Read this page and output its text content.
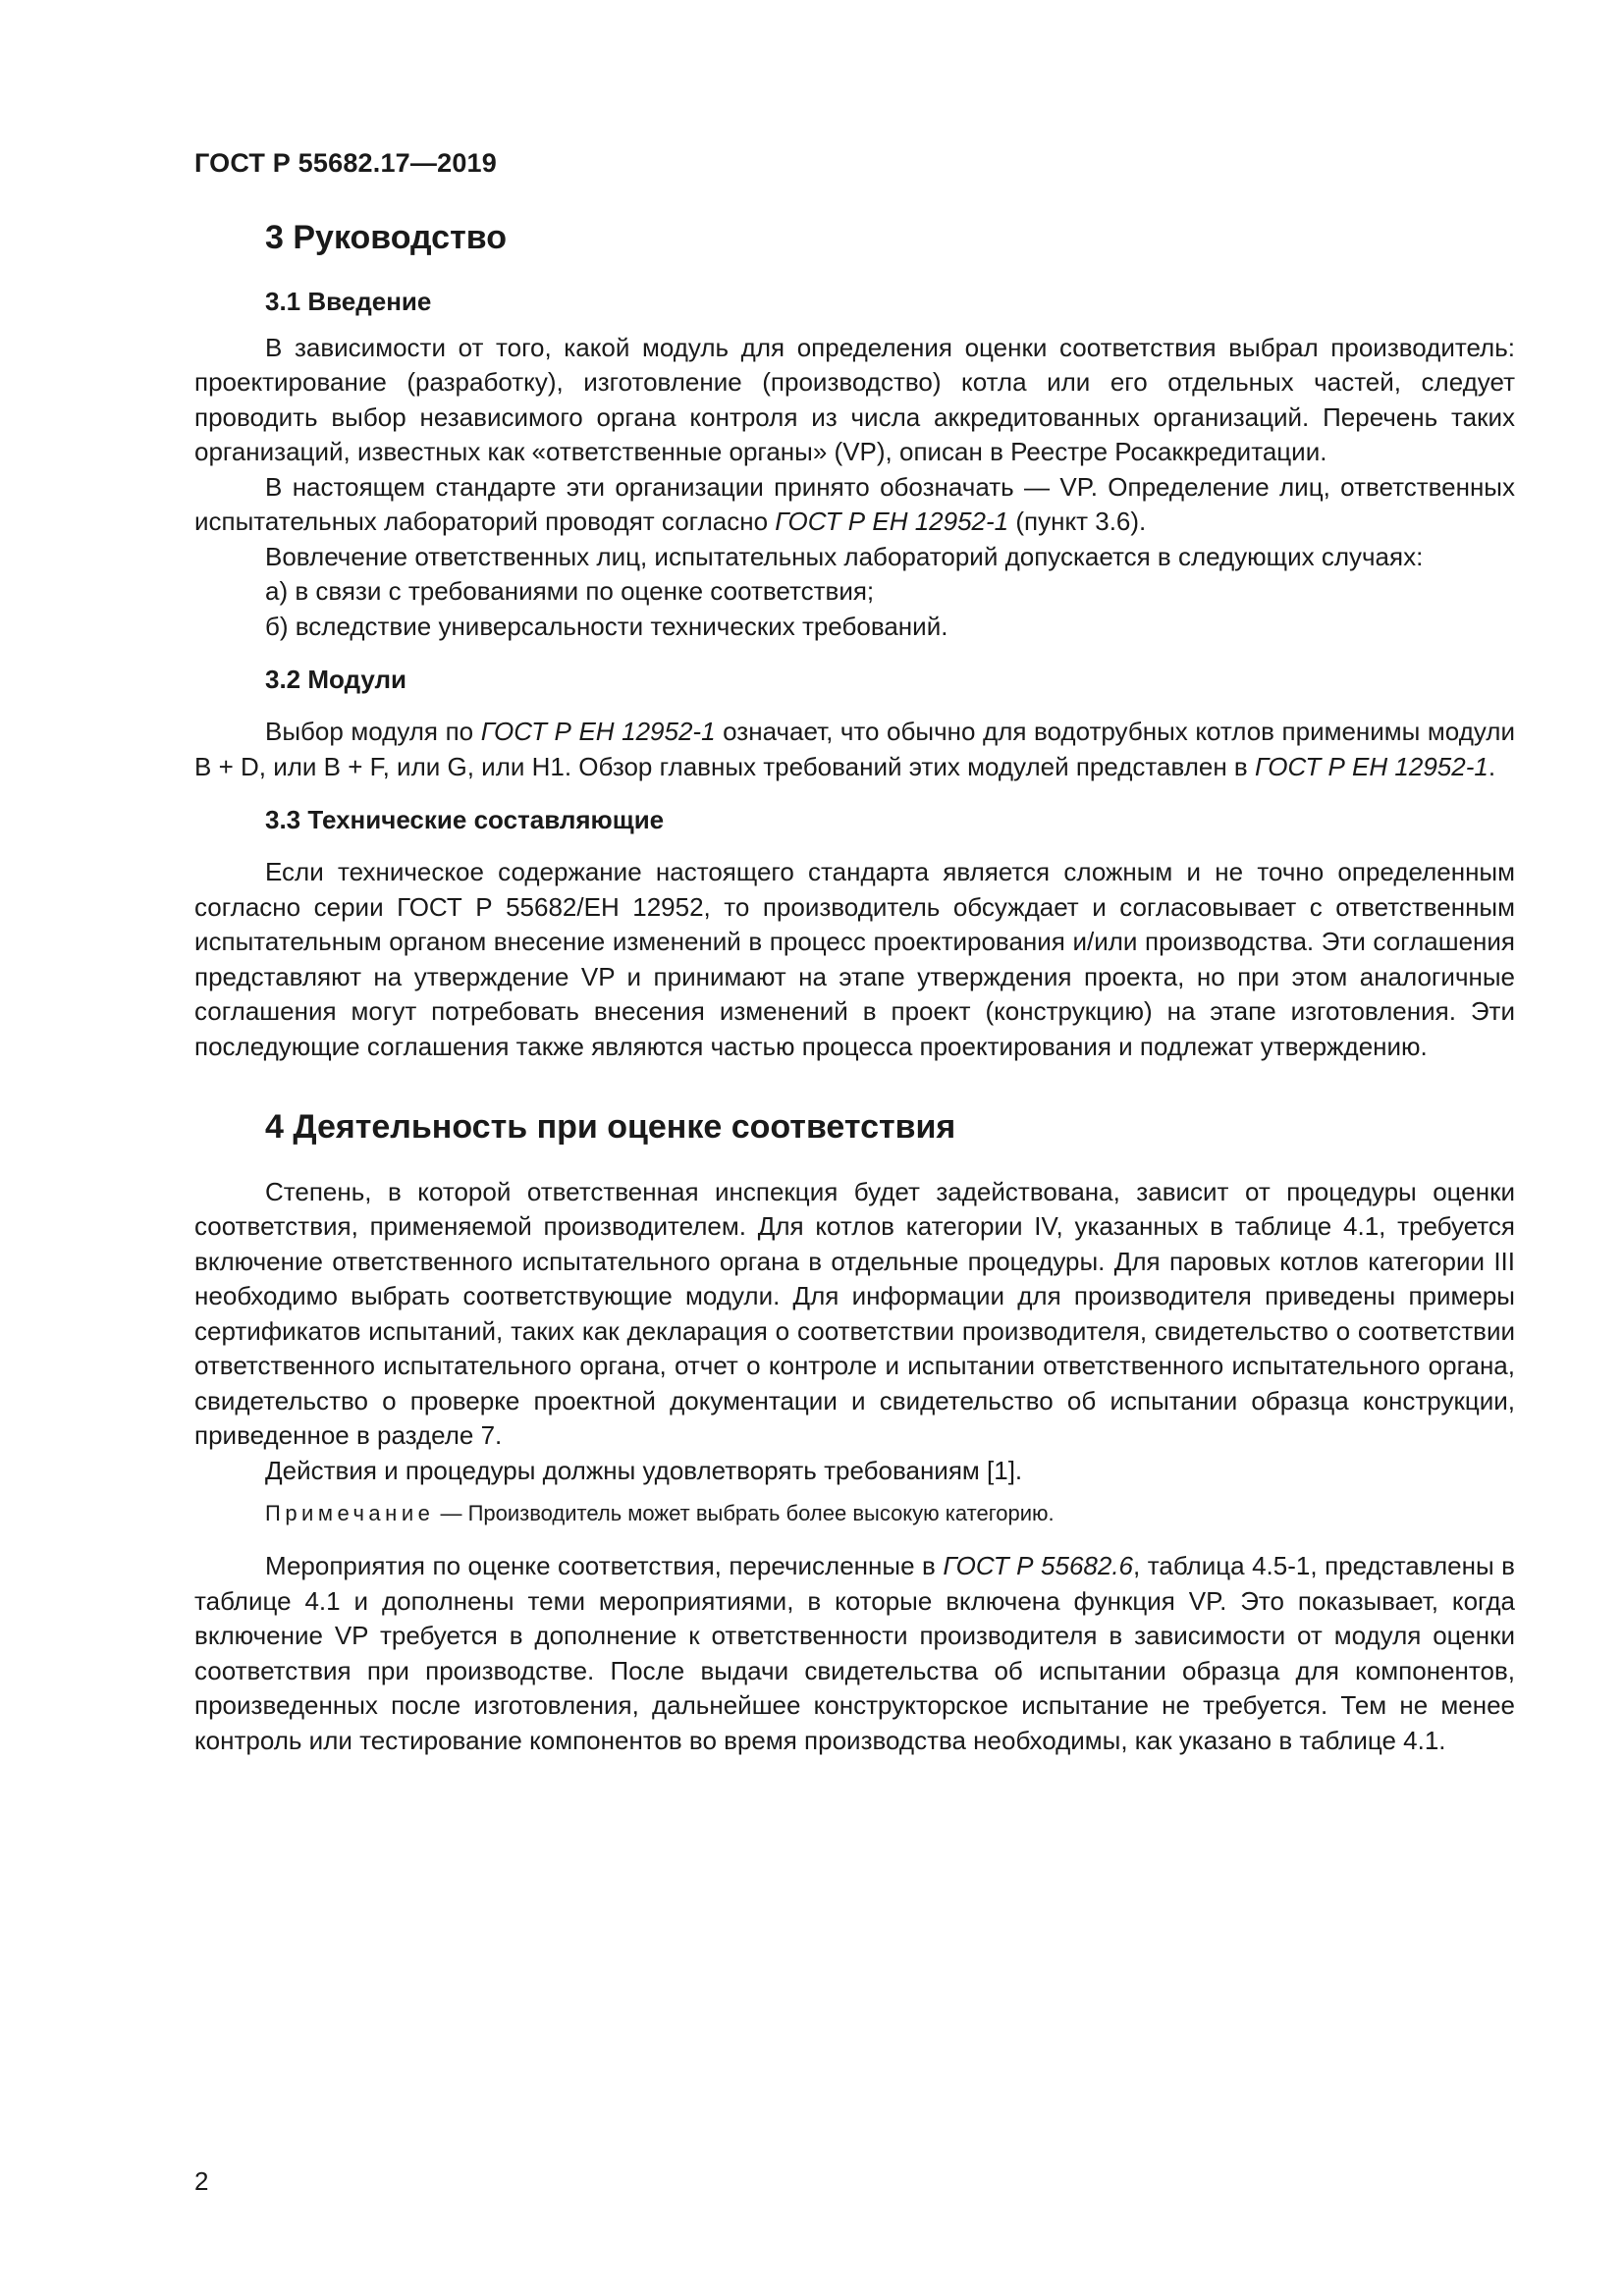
ГОСТ Р 55682.17—2019
3 Руководство
3.1 Введение

В зависимости от того, какой модуль для определения оценки соответствия выбрал производитель: проектирование (разработку), изготовление (производство) котла или его отдельных частей, следует проводить выбор независимого органа контроля из числа аккредитованных организаций. Перечень таких организаций, известных как «ответственные органы» (VP), описан в Реестре Росаккредитации.

В настоящем стандарте эти организации принято обозначать — VP. Определение лиц, ответственных испытательных лабораторий проводят согласно ГОСТ Р ЕН 12952-1 (пункт 3.6).

Вовлечение ответственных лиц, испытательных лабораторий допускается в следующих случаях:

а) в связи с требованиями по оценке соответствия;
б) вследствие универсальности технических требований.
3.2 Модули

Выбор модуля по ГОСТ Р ЕН 12952-1 означает, что обычно для водотрубных котлов применимы модули B + D, или B + F, или G, или H1. Обзор главных требований этих модулей представлен в ГОСТ Р ЕН 12952-1.

3.3 Технические составляющие

Если техническое содержание настоящего стандарта является сложным и не точно определенным согласно серии ГОСТ Р 55682/ЕН 12952, то производитель обсуждает и согласовывает с ответственным испытательным органом внесение изменений в процесс проектирования и/или производства. Эти соглашения представляют на утверждение VP и принимают на этапе утверждения проекта, но при этом аналогичные соглашения могут потребовать внесения изменений в проект (конструкцию) на этапе изготовления. Эти последующие соглашения также являются частью процесса проектирования и подлежат утверждению.

4 Деятельность при оценке соответствия

Степень, в которой ответственная инспекция будет задействована, зависит от процедуры оценки соответствия, применяемой производителем. Для котлов категории IV, указанных в таблице 4.1, требуется включение ответственного испытательного органа в отдельные процедуры. Для паровых котлов категории III необходимо выбрать соответствующие модули. Для информации для производителя приведены примеры сертификатов испытаний, таких как декларация о соответствии производителя, свидетельство о соответствии ответственного испытательного органа, отчет о контроле и испытании ответственного испытательного органа, свидетельство о проверке проектной документации и свидетельство об испытании образца конструкции, приведенное в разделе 7.

Действия и процедуры должны удовлетворять требованиям [1].

Примечание — Производитель может выбрать более высокую категорию.

Мероприятия по оценке соответствия, перечисленные в ГОСТ Р 55682.6, таблица 4.5-1, представлены в таблице 4.1 и дополнены теми мероприятиями, в которые включена функция VP. Это показывает, когда включение VP требуется в дополнение к ответственности производителя в зависимости от модуля оценки соответствия при производстве. После выдачи свидетельства об испытании образца для компонентов, произведенных после изготовления, дальнейшее конструкторское испытание не требуется. Тем не менее контроль или тестирование компонентов во время производства необходимы, как указано в таблице 4.1.

2
